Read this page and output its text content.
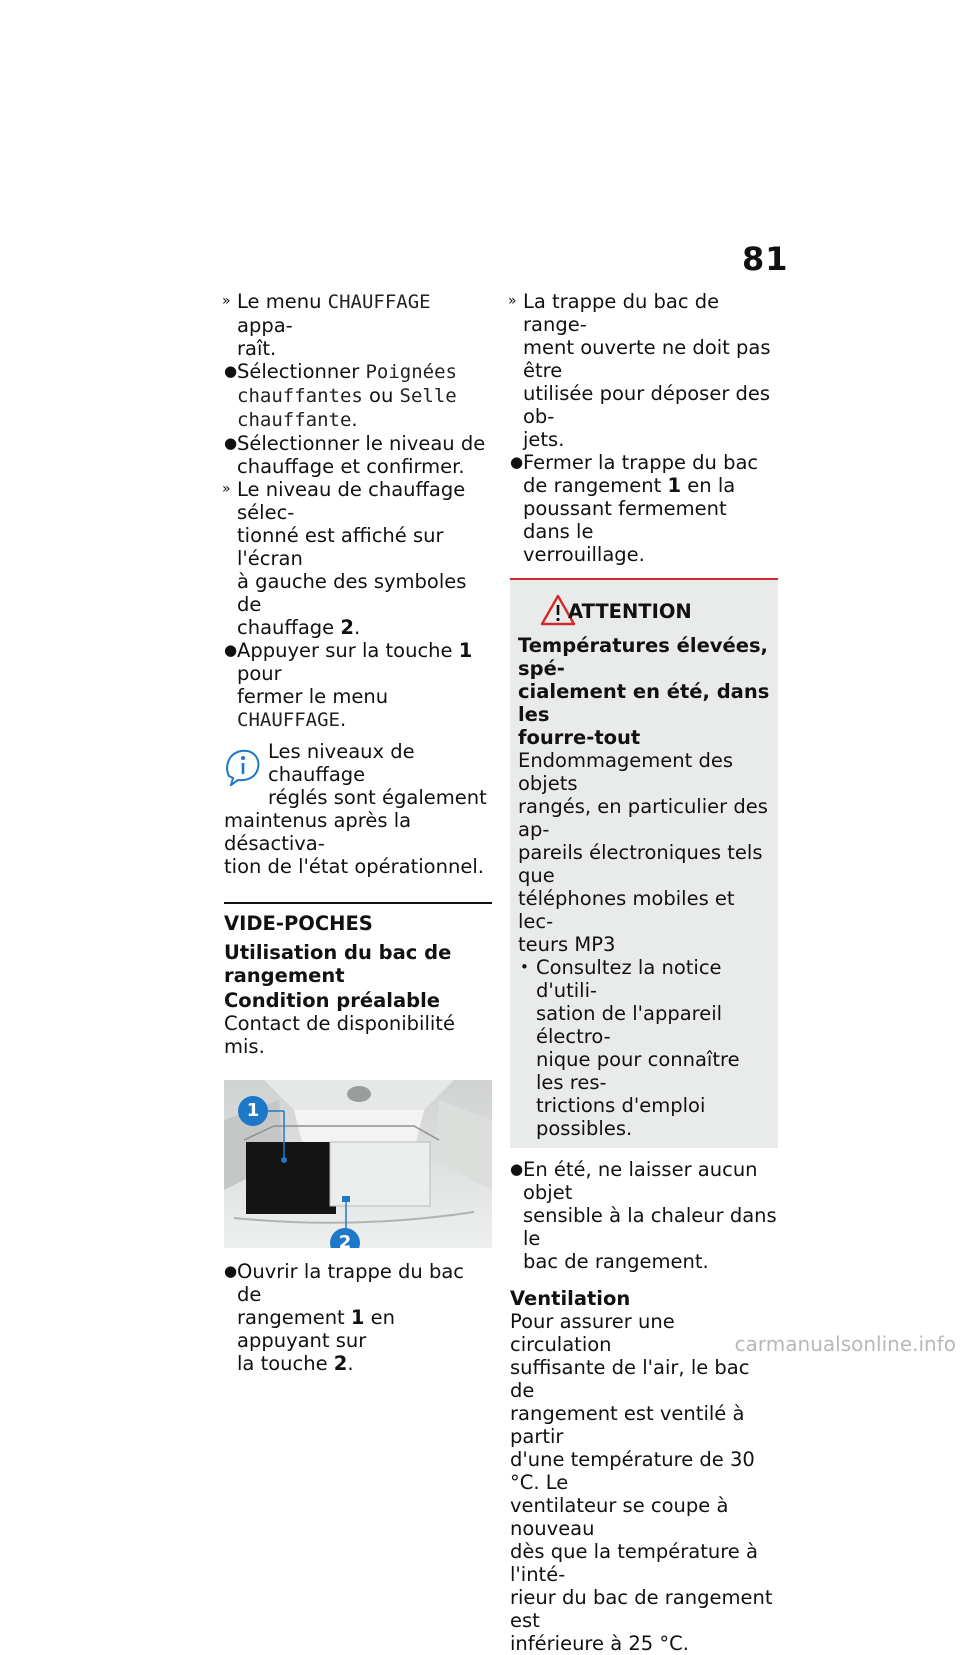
81
» Le menu CHAUFFAGE appa-
raît.
● Sélectionner Poignées
chauffantes ou Selle
chauffante.
● Sélectionner le niveau de
chauffage et confirmer.
» Le niveau de chauffage sélec-
tionné est affiché sur l'écran
à gauche des symboles de
chauffage 2.
● Appuyer sur la touche 1 pour
fermer le menu CHAUFFAGE.
Les niveaux de chauffage
réglés sont également
maintenus après la désactiva-
tion de l'état opérationnel.
VIDE-POCHES
Utilisation du bac de
rangement
Condition préalable
Contact de disponibilité mis.
1
2
● Ouvrir la trappe du bac de
rangement 1 en appuyant sur
la touche 2.
» La trappe du bac de range-
ment ouverte ne doit pas être
utilisée pour déposer des ob-
jets.
● Fermer la trappe du bac
de rangement 1 en la
poussant fermement dans le
verrouillage.
ATTENTION
Températures élevées, spé-
cialement en été, dans les
fourre-tout
Endommagement des objets
rangés, en particulier des ap-
pareils électroniques tels que
téléphones mobiles et lec-
teurs MP3
• Consultez la notice d'utili-
sation de l'appareil électro-
nique pour connaître les res-
trictions d'emploi possibles.
● En été, ne laisser aucun objet
sensible à la chaleur dans le
bac de rangement.
Ventilation
Pour assurer une circulation
suffisante de l'air, le bac de
rangement est ventilé à partir
d'une température de 30 °C. Le
ventilateur se coupe à nouveau
dès que la température à l'inté-
rieur du bac de rangement est
inférieure à 25 °C.
carmanualsonline.info
